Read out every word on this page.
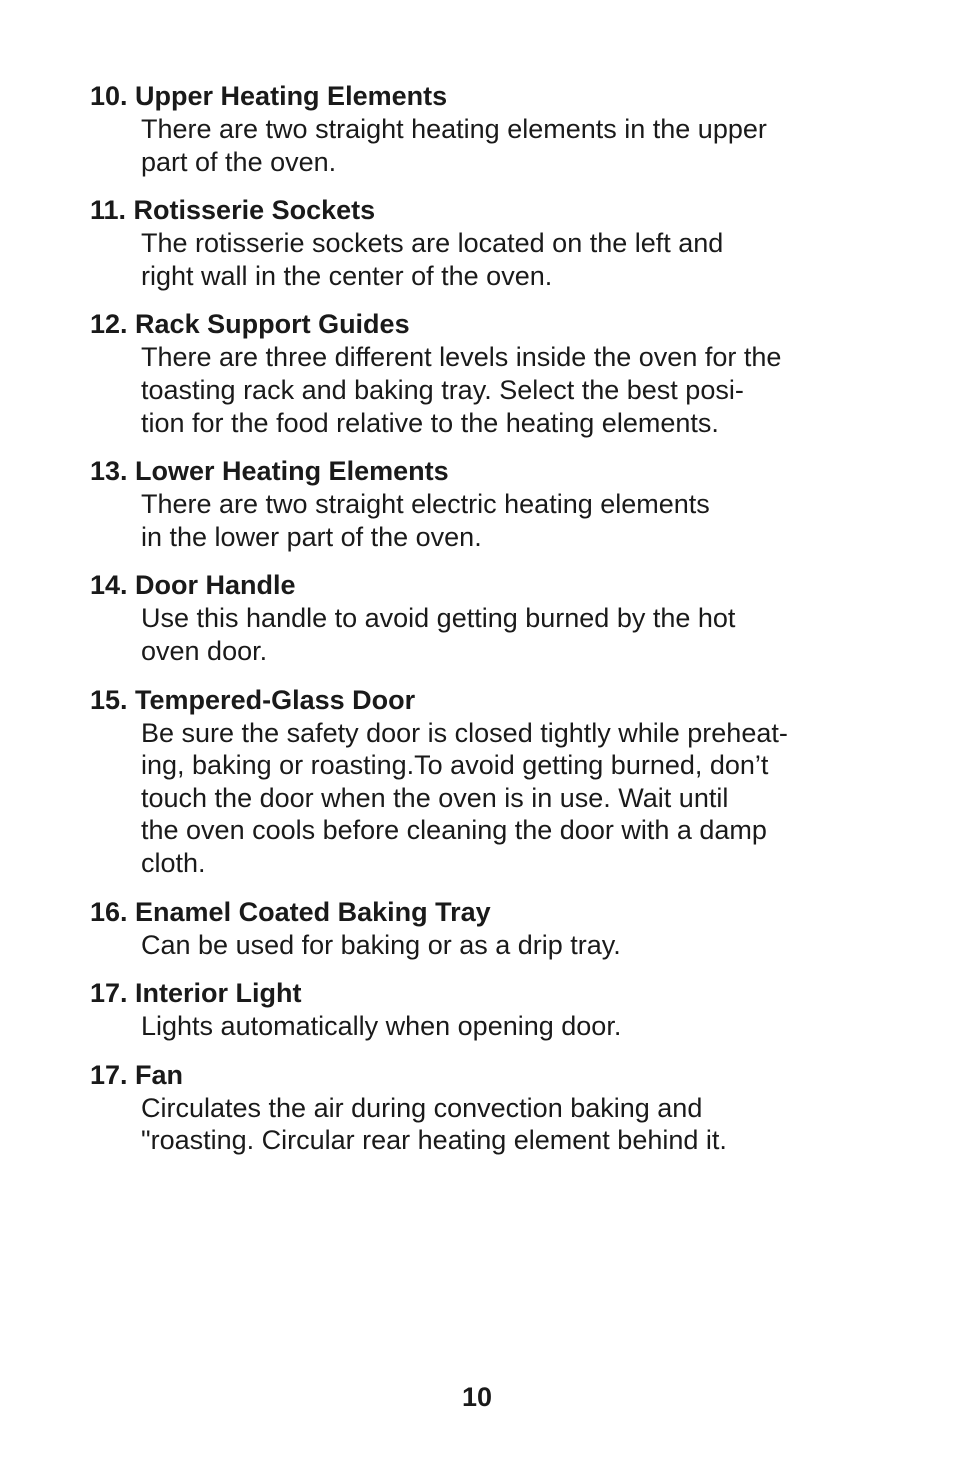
10. Upper Heating Elements
There are two straight heating elements in the upper
part of the oven.
11. Rotisserie Sockets
The rotisserie sockets are located on the left and
right wall in the center of the oven.
12. Rack Support Guides
There are three different levels inside the oven for the
toasting rack and baking tray. Select the best posi-
tion for the food relative to the heating elements.
13. Lower Heating Elements
There are two straight electric heating elements
in the lower part of the oven.
14. Door Handle
Use this handle to avoid getting burned by the hot
oven door.
15. Tempered-Glass Door
Be sure the safety door is closed tightly while preheat-
ing, baking or roasting.To avoid getting burned, don’t
touch the door when the oven is in use. Wait until
the oven cools before cleaning the door with a damp
cloth.
16. Enamel Coated Baking Tray
Can be used for baking or as a drip tray.
17. Interior Light
Lights automatically when opening door.
17. Fan
Circulates the air during convection baking and
"roasting. Circular rear heating element behind it.
10
